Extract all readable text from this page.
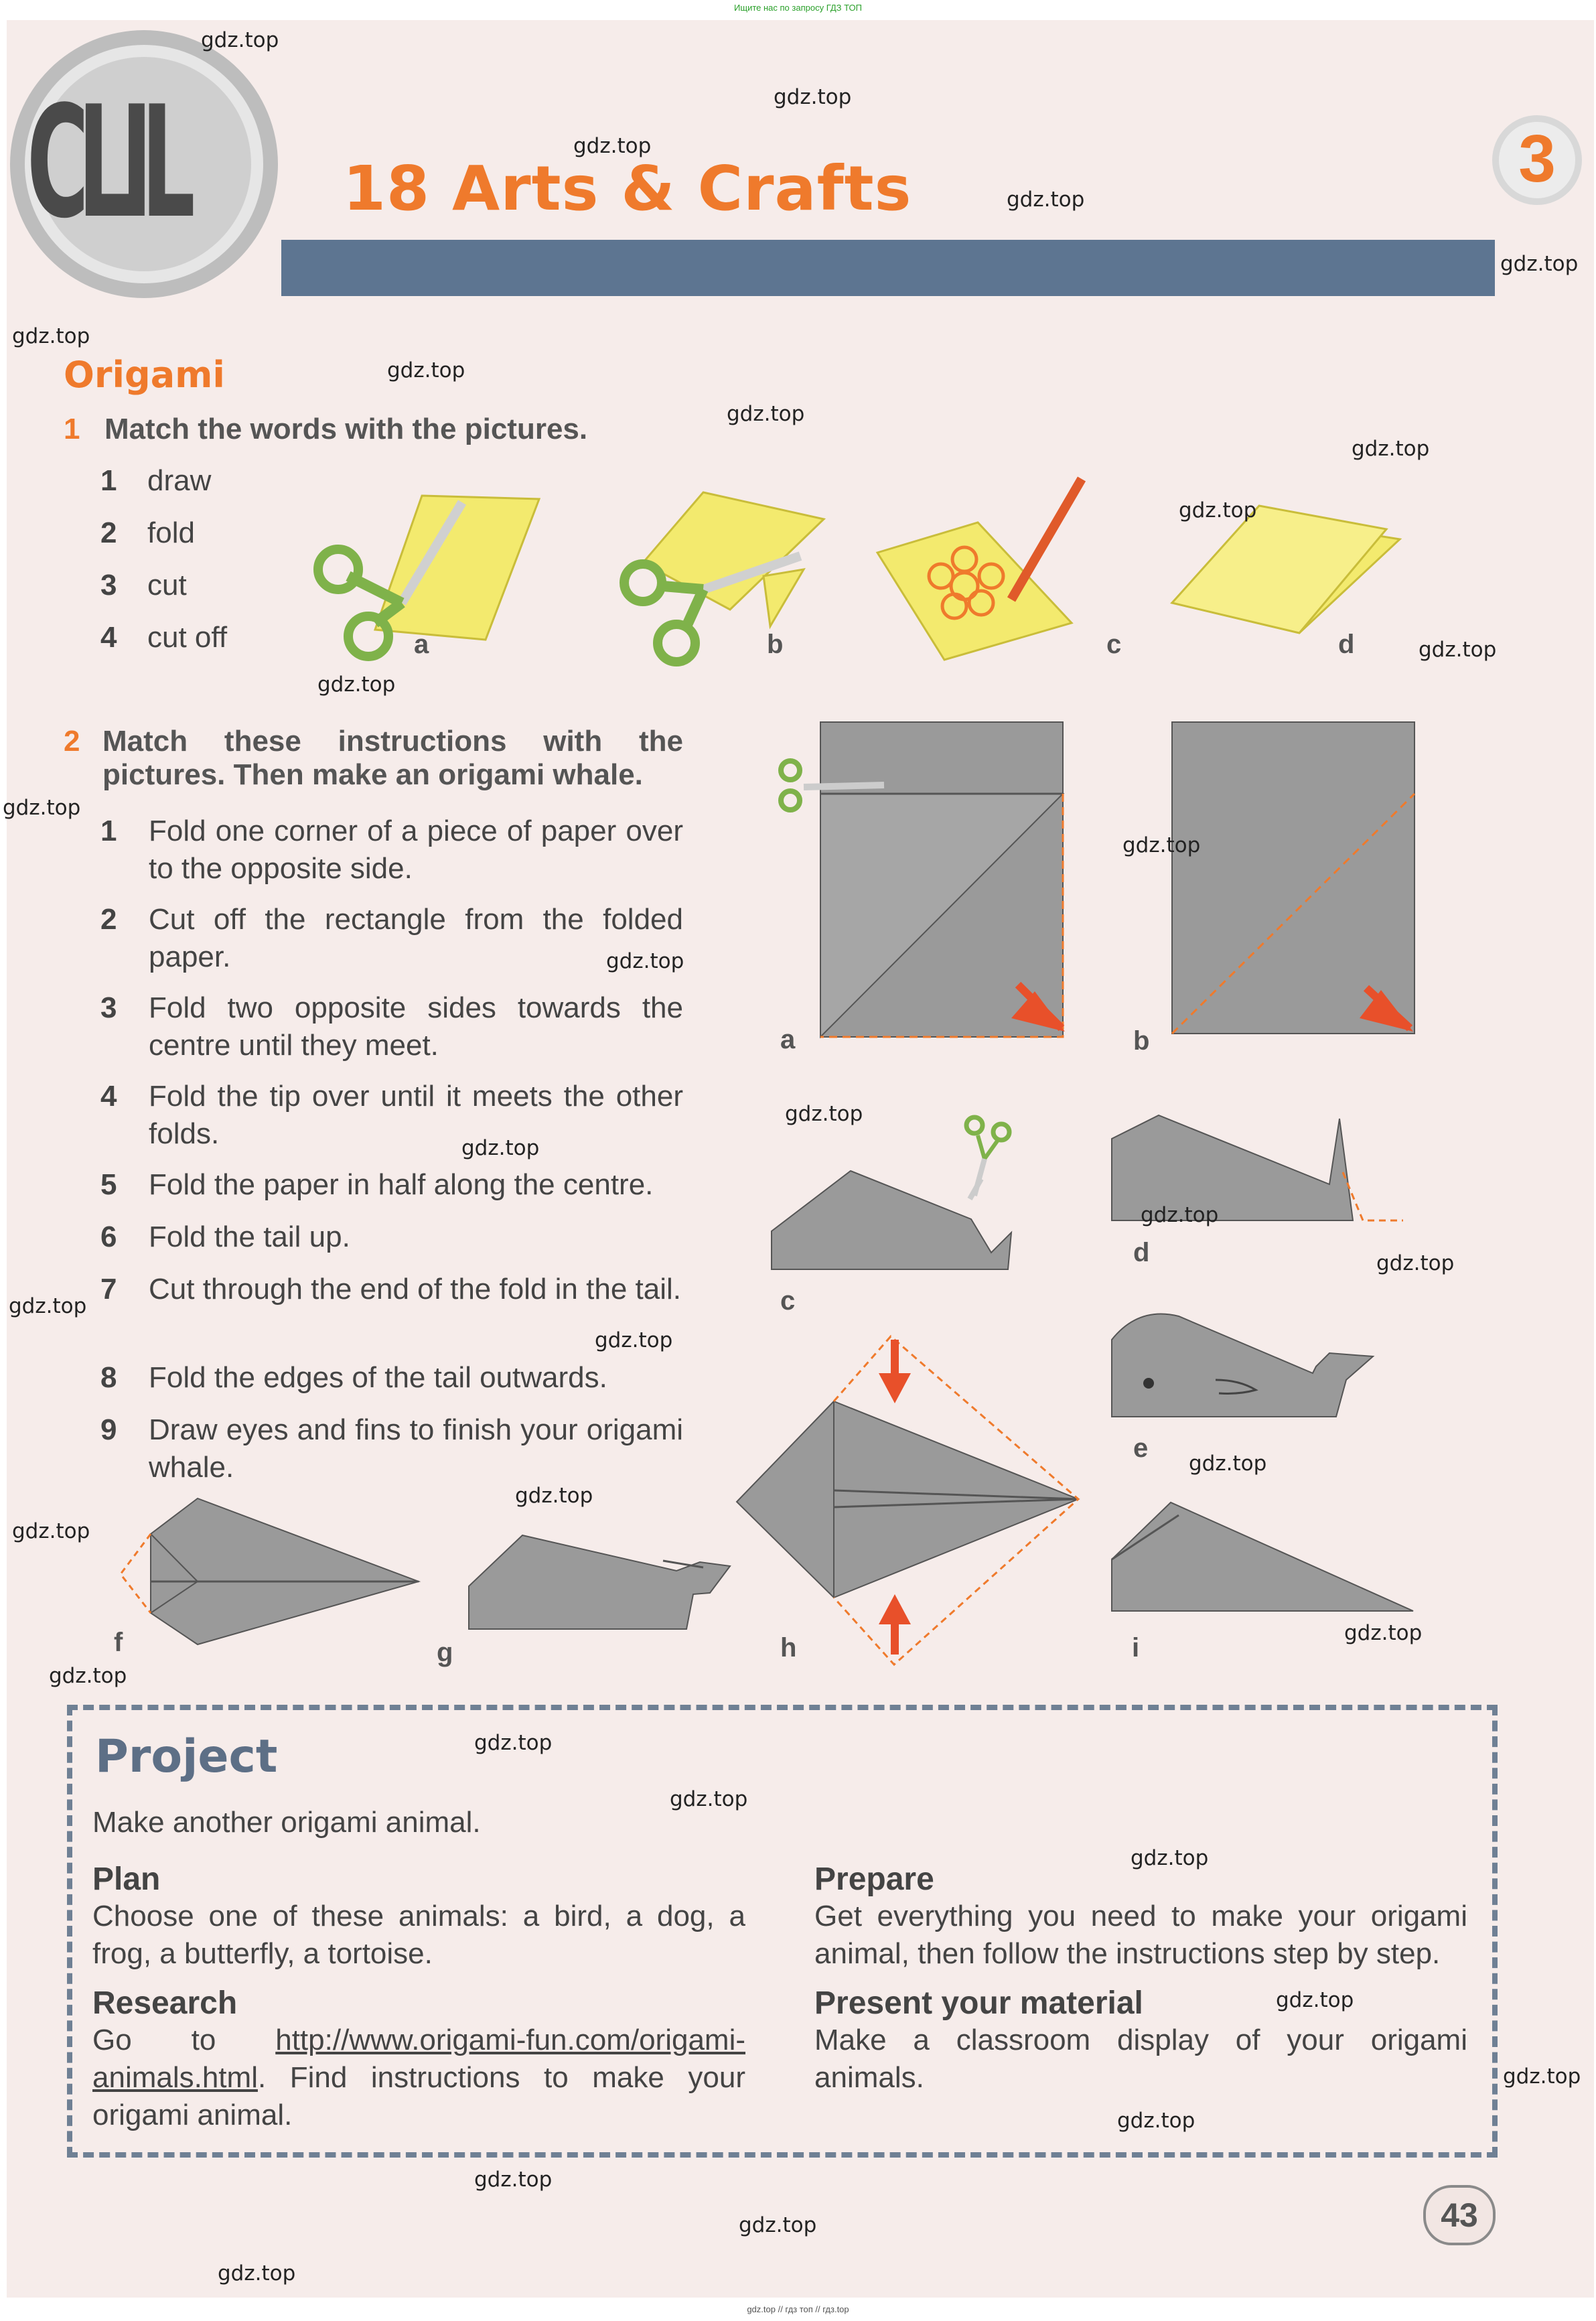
Ищите нас по запросу ГДЗ ТОП
CLIL	18 Arts & Crafts	3
Origami
1 Match the words with the pictures.
1 draw
2 fold
3 cut
4 cut off	a	b	c	d
2 Match these instructions with the
pictures. Then make an origami whale.
1 Fold one corner of a piece of paper over to the opposite side.
2 Cut off the rectangle from the folded paper.
3 Fold two opposite sides towards the centre until they meet.
4 Fold the tip over until it meets the other folds.
5 Fold the paper in half along the centre.
6 Fold the tail up.
7 Cut through the end of the fold in the tail.
8 Fold the edges of the tail outwards.
9 Draw eyes and fins to finish your origami whale.
a	b
c
d
e
f	g	h	i
Project
Make another origami animal.
Plan
Choose one of these animals: a bird, a dog, a frog, a butterfly, a tortoise.
Research
Go to http://www.origami-fun.com/origami-animals.html. Find instructions to make your origami animal.
Prepare
Get everything you need to make your origami animal, then follow the instructions step by step.
Present your material
Make a classroom display of your origami animals.
43
gdz.top
gdz.top
gdz.top
gdz.top
gdz.top
gdz.top
gdz.top
gdz.top
gdz.top
gdz.top
gdz.top
gdz.top
gdz.top
gdz.top
gdz.top
gdz.top
gdz.top
gdz.top
gdz.top
gdz.top
gdz.top
gdz.top
gdz.top
gdz.top
gdz.top
gdz.top
gdz.top
gdz.top
gdz.top
gdz.top
gdz.top
gdz.top
gdz.top
gdz.top
gdz.top
gdz.top // гдз топ // гдз.top
